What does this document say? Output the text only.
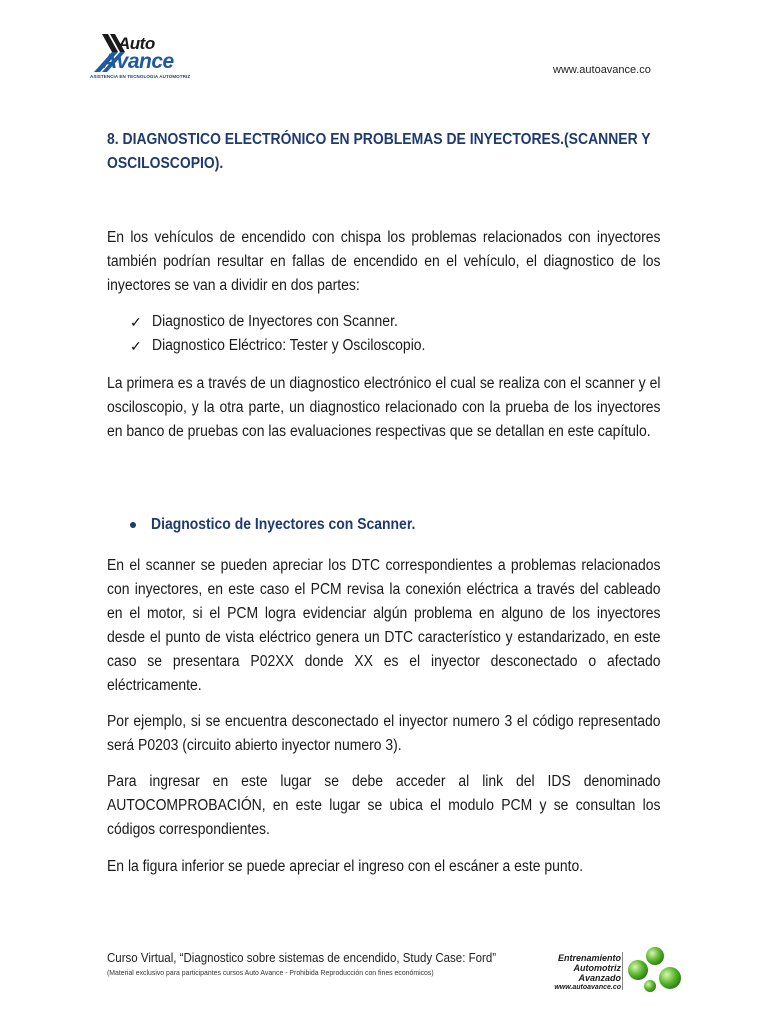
Auto
Avance
ASISTENCIA EN TECNOLOGIA AUTOMOTRIZ
www.autoavance.co
8. DIAGNOSTICO ELECTRÓNICO EN PROBLEMAS DE INYECTORES.(SCANNER Y OSCILOSCOPIO).
En los vehículos de encendido con chispa los problemas relacionados con inyectores también podrían resultar en fallas de encendido en el vehículo, el diagnostico de los inyectores se van a dividir en dos partes:
✓ Diagnostico de Inyectores con Scanner.
✓ Diagnostico Eléctrico: Tester y Osciloscopio.
La primera es a través de un diagnostico electrónico el cual se realiza con el scanner y el osciloscopio, y la otra parte, un diagnostico relacionado con la prueba de los inyectores en banco de pruebas con las evaluaciones respectivas que se detallan en este capítulo.
Diagnostico de Inyectores con Scanner.
En el scanner se pueden apreciar los DTC correspondientes a problemas relacionados con inyectores, en este caso el PCM revisa la conexión eléctrica a través del cableado en el motor, si el PCM logra evidenciar algún problema en alguno de los inyectores desde el punto de vista eléctrico genera un DTC característico y estandarizado, en este caso se presentara P02XX donde XX es el inyector desconectado o afectado eléctricamente.
Por ejemplo, si se encuentra desconectado el inyector numero 3 el código representado será P0203 (circuito abierto inyector numero 3).
Para ingresar en este lugar se debe acceder al link del IDS denominado AUTOCOMPROBACIÓN, en este lugar se ubica el modulo PCM y se consultan los códigos correspondientes.
En la figura inferior se puede apreciar el ingreso con el escáner a este punto.
Curso Virtual, “Diagnostico sobre sistemas de encendido, Study Case: Ford”
(Material exclusivo para participantes cursos Auto Avance - Prohibida Reproducción con fines económicos)
Entrenamiento
Automotriz
Avanzado
www.autoavance.co
